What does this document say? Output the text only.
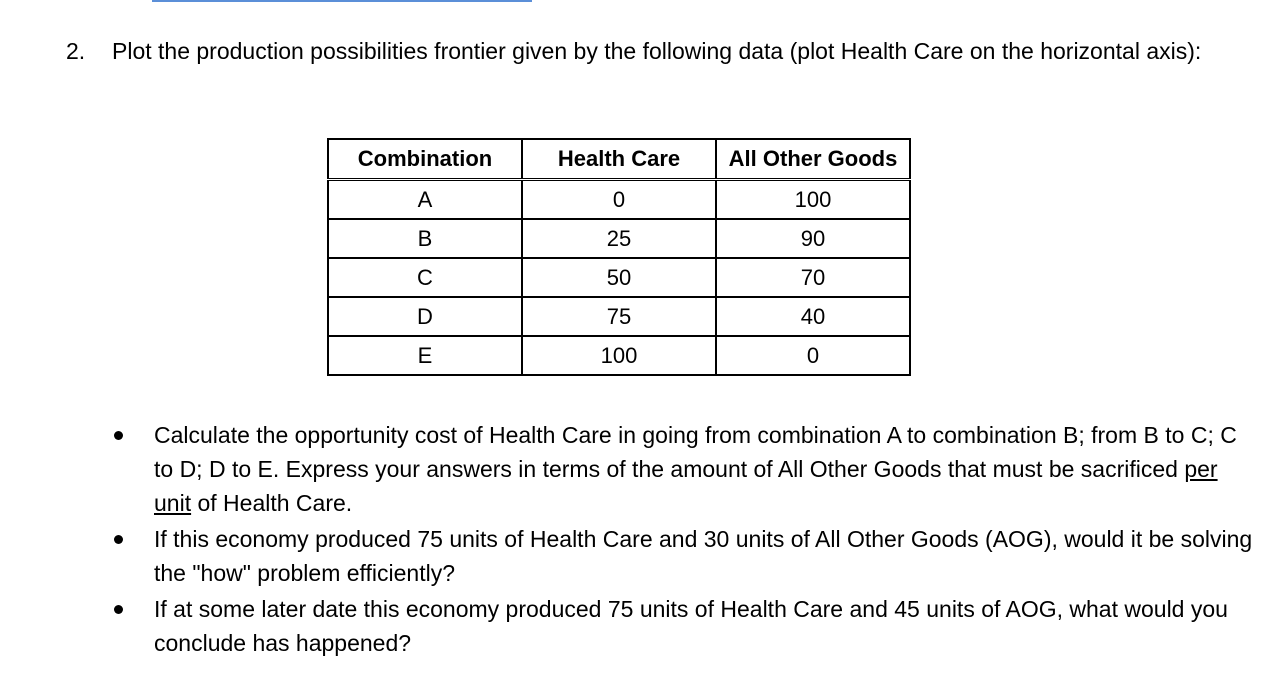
2. Plot the production possibilities frontier given by the following data (plot Health Care on the horizontal axis):
Combination	Health Care	All Other Goods
A	0	100
B	25	90
C	50	70
D	75	40
E	100	0
Calculate the opportunity cost of Health Care in going from combination A to combination B; from B to C; C to D; D to E. Express your answers in terms of the amount of All Other Goods that must be sacrificed per unit of Health Care.
If this economy produced 75 units of Health Care and 30 units of All Other Goods (AOG), would it be solving the "how" problem efficiently?
If at some later date this economy produced 75 units of Health Care and 45 units of AOG, what would you conclude has happened?
